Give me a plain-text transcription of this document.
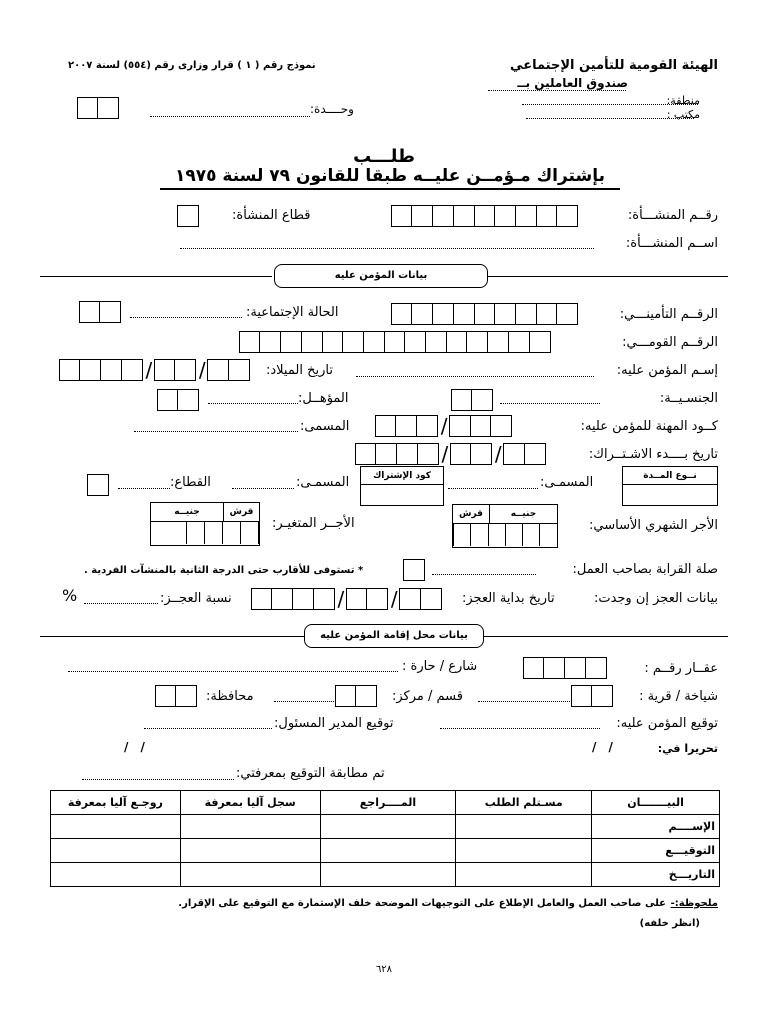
الهيئة القومية للتأمين الإجتماعي
صندوق العاملين بــ
منطقة:
مكتب :
نموذج رقم ( ١ ) قرار وزارى رقم (٥٥٤) لسنة ٢٠٠٧
وحــــدة:
طلـــب
بإشتراك مـؤمــن عليــه طبقا للقانون ٧٩ لسنة ١٩٧٥
رقــم المنشـــأة:
قطاع المنشأة:
اســم المنشـــأة:
بيانات المؤمن عليه
الرقــم التأمينـــي:
الحالة الإجتماعية:
الرقــم القومـــي:
إسـم المؤمن عليه:
تاريخ الميلاد:
/ /
الجنسـيــة:
المؤهــل:
كــود المهنة للمؤمن عليه:
/
المسمى:
تاريخ بــــدء الاشـتــراك:
/ /
نــوع المــدة
المسمـى:
كود الإشتراك
المسمـى:
القطاع:
الأجر الشهري الأساسي:
قرش	جنيــه
الأجــر المتغيـر:
جنيــه	قرش
صلة القرابة بصاحب العمل:
* تستوفى للأقارب حتى الدرجة الثانية بالمنشآت الفردية .
بيانات العجز إن وجدت:
تاريخ بداية العجز:
/ /
نسبة العجــز:
%
بيانات محل إقامة المؤمن عليه
عقــار رقــم :
شارع / حارة :
شياخة / قرية :
قسم / مركز:
محافظة:
توقيع المؤمن عليه:
توقيع المدير المسئول:
تحريرا في:
/ /
/ /
تم مطابقة التوقيع بمعرفتي:
روجـع آليا بمعرفة	سجل آليا بمعرفة	المــــراجع	مسـتلم الطلب	البيـــــــان
				الإســــم
				التوقيـــع
				التاريـــخ
ملحوظة:-
على صاحب العمل والعامل الإطلاع على التوجيهات الموضحة خلف الإستمارة مع التوقيع على الإقرار.
(انظر خلفه)
٦٢٨
